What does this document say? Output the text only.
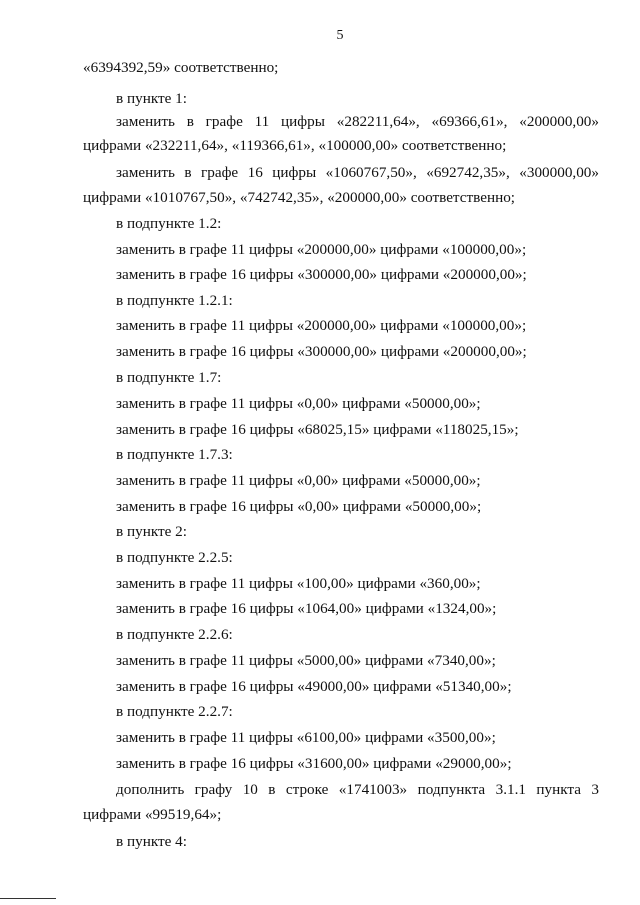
5
«6394392,59» соответственно;
в пункте 1:
заменить в графе 11 цифры «282211,64», «69366,61», «200000,00»
цифрами «232211,64», «119366,61», «100000,00» соответственно;
заменить в графе 16 цифры «1060767,50», «692742,35», «300000,00»
цифрами «1010767,50», «742742,35», «200000,00» соответственно;
в подпункте 1.2:
заменить в графе 11 цифры «200000,00» цифрами «100000,00»;
заменить в графе 16 цифры «300000,00» цифрами «200000,00»;
в подпункте 1.2.1:
заменить в графе 11 цифры «200000,00» цифрами «100000,00»;
заменить в графе 16 цифры «300000,00» цифрами «200000,00»;
в подпункте 1.7:
заменить в графе 11 цифры «0,00» цифрами «50000,00»;
заменить в графе 16 цифры «68025,15» цифрами «118025,15»;
в подпункте 1.7.3:
заменить в графе 11 цифры «0,00» цифрами «50000,00»;
заменить в графе 16 цифры «0,00» цифрами «50000,00»;
в пункте 2:
в подпункте 2.2.5:
заменить в графе 11 цифры «100,00» цифрами «360,00»;
заменить в графе 16 цифры «1064,00» цифрами «1324,00»;
в подпункте 2.2.6:
заменить в графе 11 цифры «5000,00» цифрами «7340,00»;
заменить в графе 16 цифры «49000,00» цифрами «51340,00»;
в подпункте 2.2.7:
заменить в графе 11 цифры «6100,00» цифрами «3500,00»;
заменить в графе 16 цифры «31600,00» цифрами «29000,00»;
дополнить графу 10 в строке «1741003» подпункта 3.1.1 пункта 3
цифрами «99519,64»;
в пункте 4:
